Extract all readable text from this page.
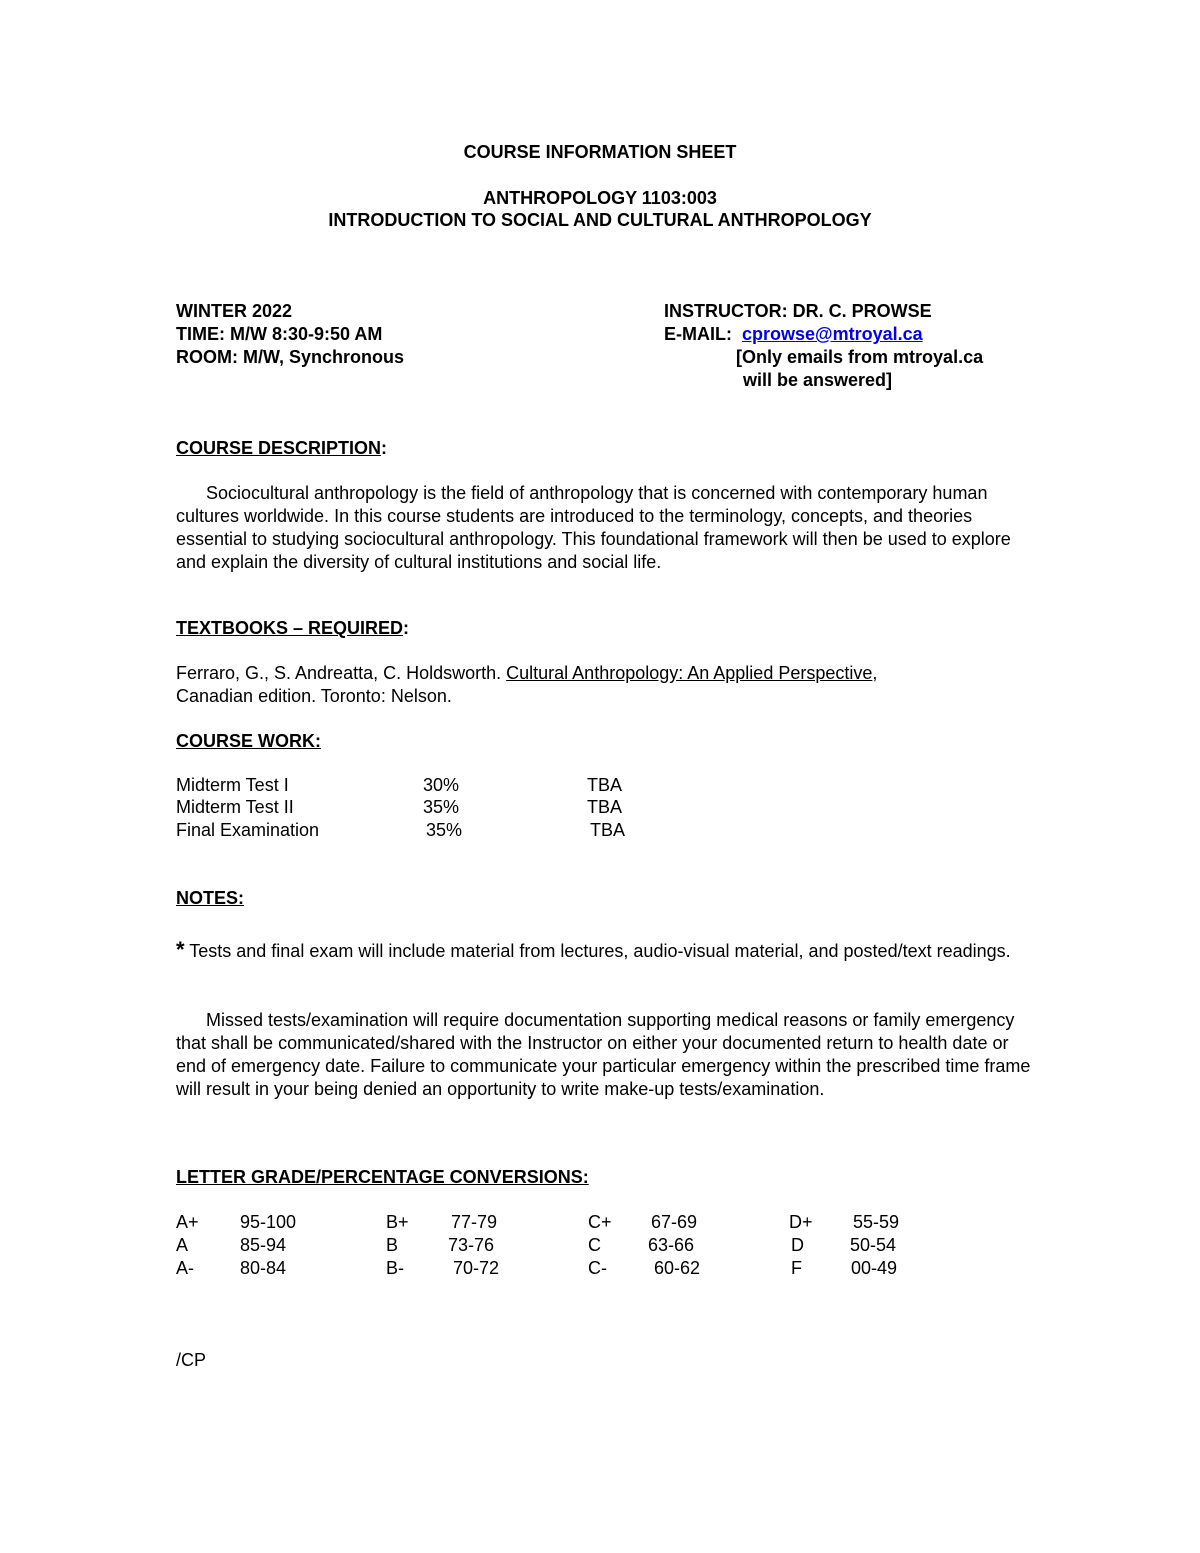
COURSE INFORMATION SHEET
ANTHROPOLOGY 1103:003
INTRODUCTION TO SOCIAL AND CULTURAL ANTHROPOLOGY
WINTER 2022
TIME: M/W 8:30-9:50 AM
ROOM: M/W, Synchronous
INSTRUCTOR: DR. C. PROWSE
E-MAIL: cprowse@mtroyal.ca
[Only emails from mtroyal.ca
will be answered]
COURSE DESCRIPTION:
Sociocultural anthropology is the field of anthropology that is concerned with contemporary human cultures worldwide. In this course students are introduced to the terminology, concepts, and theories essential to studying sociocultural anthropology. This foundational framework will then be used to explore and explain the diversity of cultural institutions and social life.
TEXTBOOKS – REQUIRED:
Ferraro, G., S. Andreatta, C. Holdsworth. Cultural Anthropology: An Applied Perspective,
Canadian edition. Toronto: Nelson.
COURSE WORK:
Midterm Test I	30%	TBA
Midterm Test II	35%	TBA
Final Examination	35%	TBA
NOTES:
* Tests and final exam will include material from lectures, audio-visual material, and posted/text readings.
Missed tests/examination will require documentation supporting medical reasons or family emergency that shall be communicated/shared with the Instructor on either your documented return to health date or end of emergency date. Failure to communicate your particular emergency within the prescribed time frame will result in your being denied an opportunity to write make-up tests/examination.
LETTER GRADE/PERCENTAGE CONVERSIONS:
A+ 95-100	B+ 77-79	C+ 67-69	D+ 55-59
A	85-94	B	73-76	C	63-66	D	50-54
A-	80-84	B-	70-72	C-	60-62	F	00-49
/CP
